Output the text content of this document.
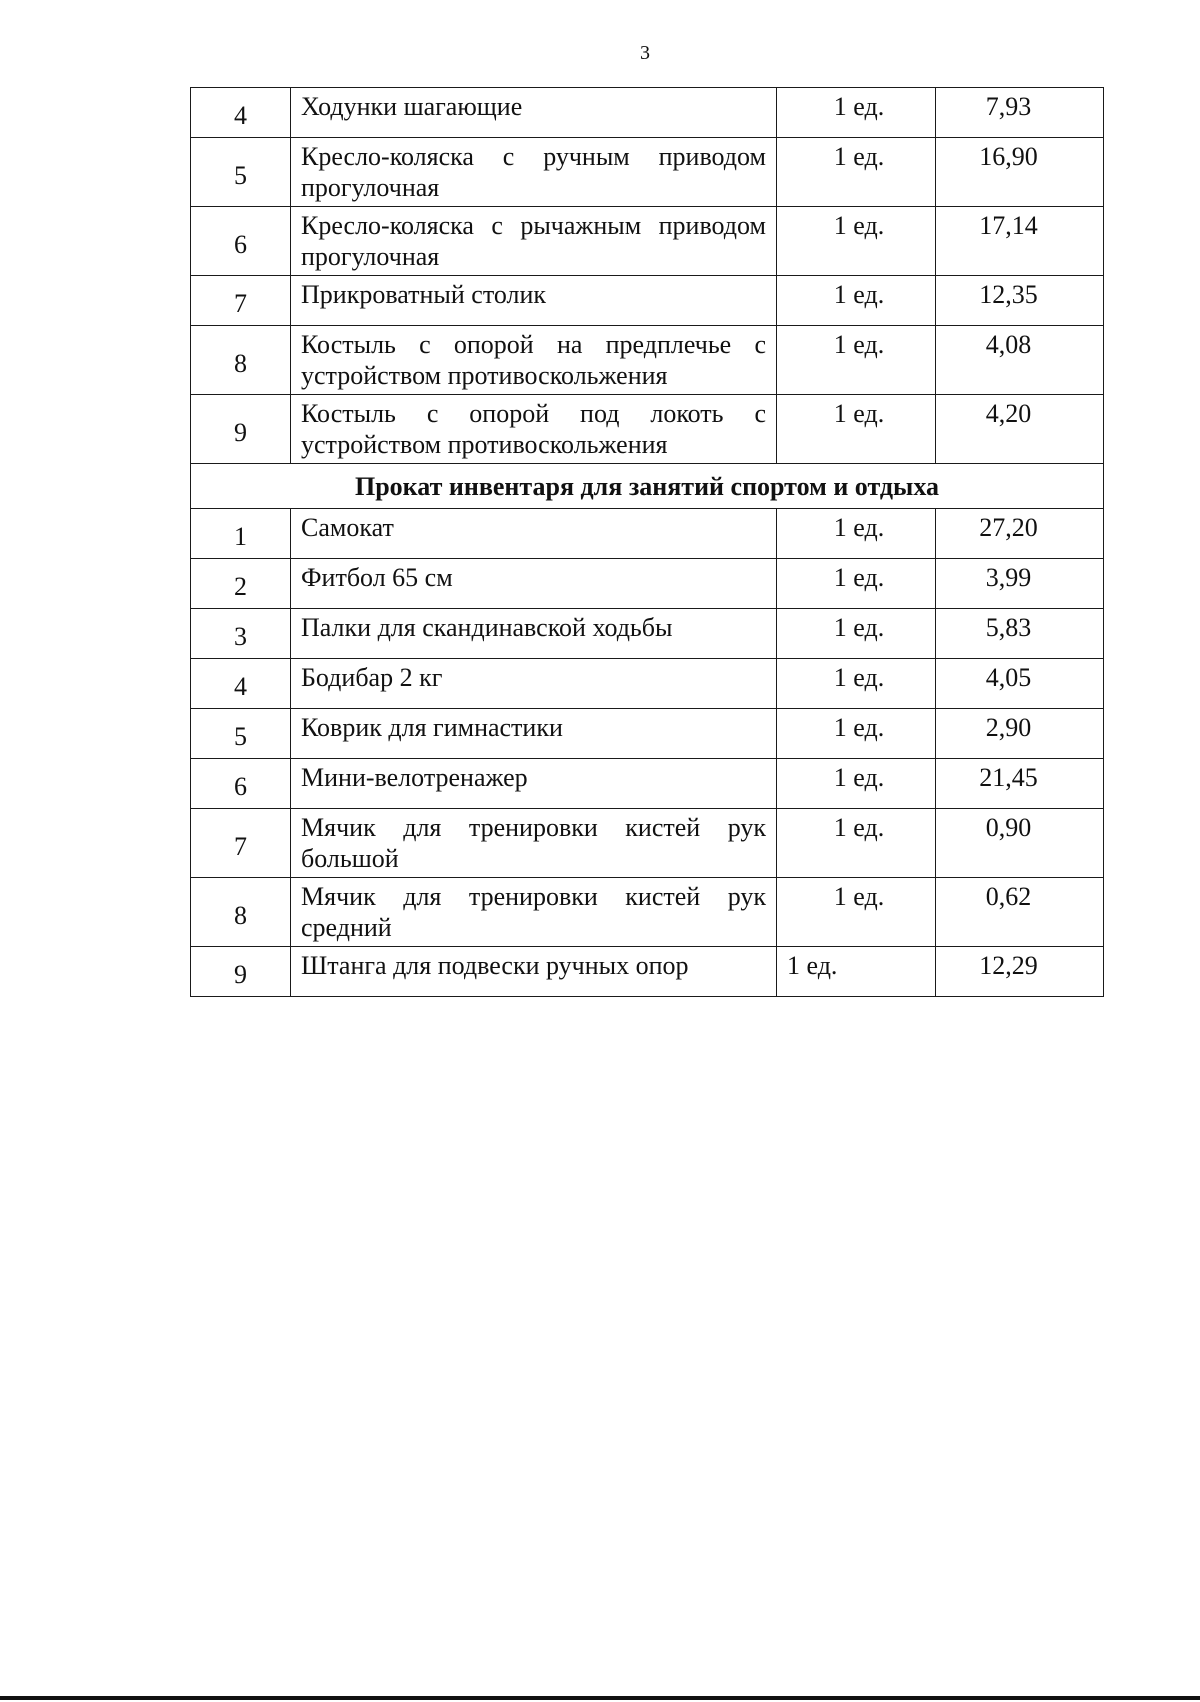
3
4	Ходунки шагающие	1 ед.	7,93
5	Кресло-коляска с ручным приводом прогулочная	1 ед.	16,90
6	Кресло-коляска с рычажным приводом прогулочная	1 ед.	17,14
7	Прикроватный столик	1 ед.	12,35
8	Костыль с опорой на предплечье с устройством противоскольжения	1 ед.	4,08
9	Костыль с опорой под локоть с устройством противоскольжения	1 ед.	4,20
Прокат инвентаря для занятий спортом и отдыха			
1	Самокат	1 ед.	27,20
2	Фитбол 65 см	1 ед.	3,99
3	Палки для скандинавской ходьбы	1 ед.	5,83
4	Бодибар 2 кг	1 ед.	4,05
5	Коврик для гимнастики	1 ед.	2,90
6	Мини-велотренажер	1 ед.	21,45
7	Мячик для тренировки кистей рук большой	1 ед.	0,90
8	Мячик для тренировки кистей рук средний	1 ед.	0,62
9	Штанга для подвески ручных опор	1 ед.	12,29
